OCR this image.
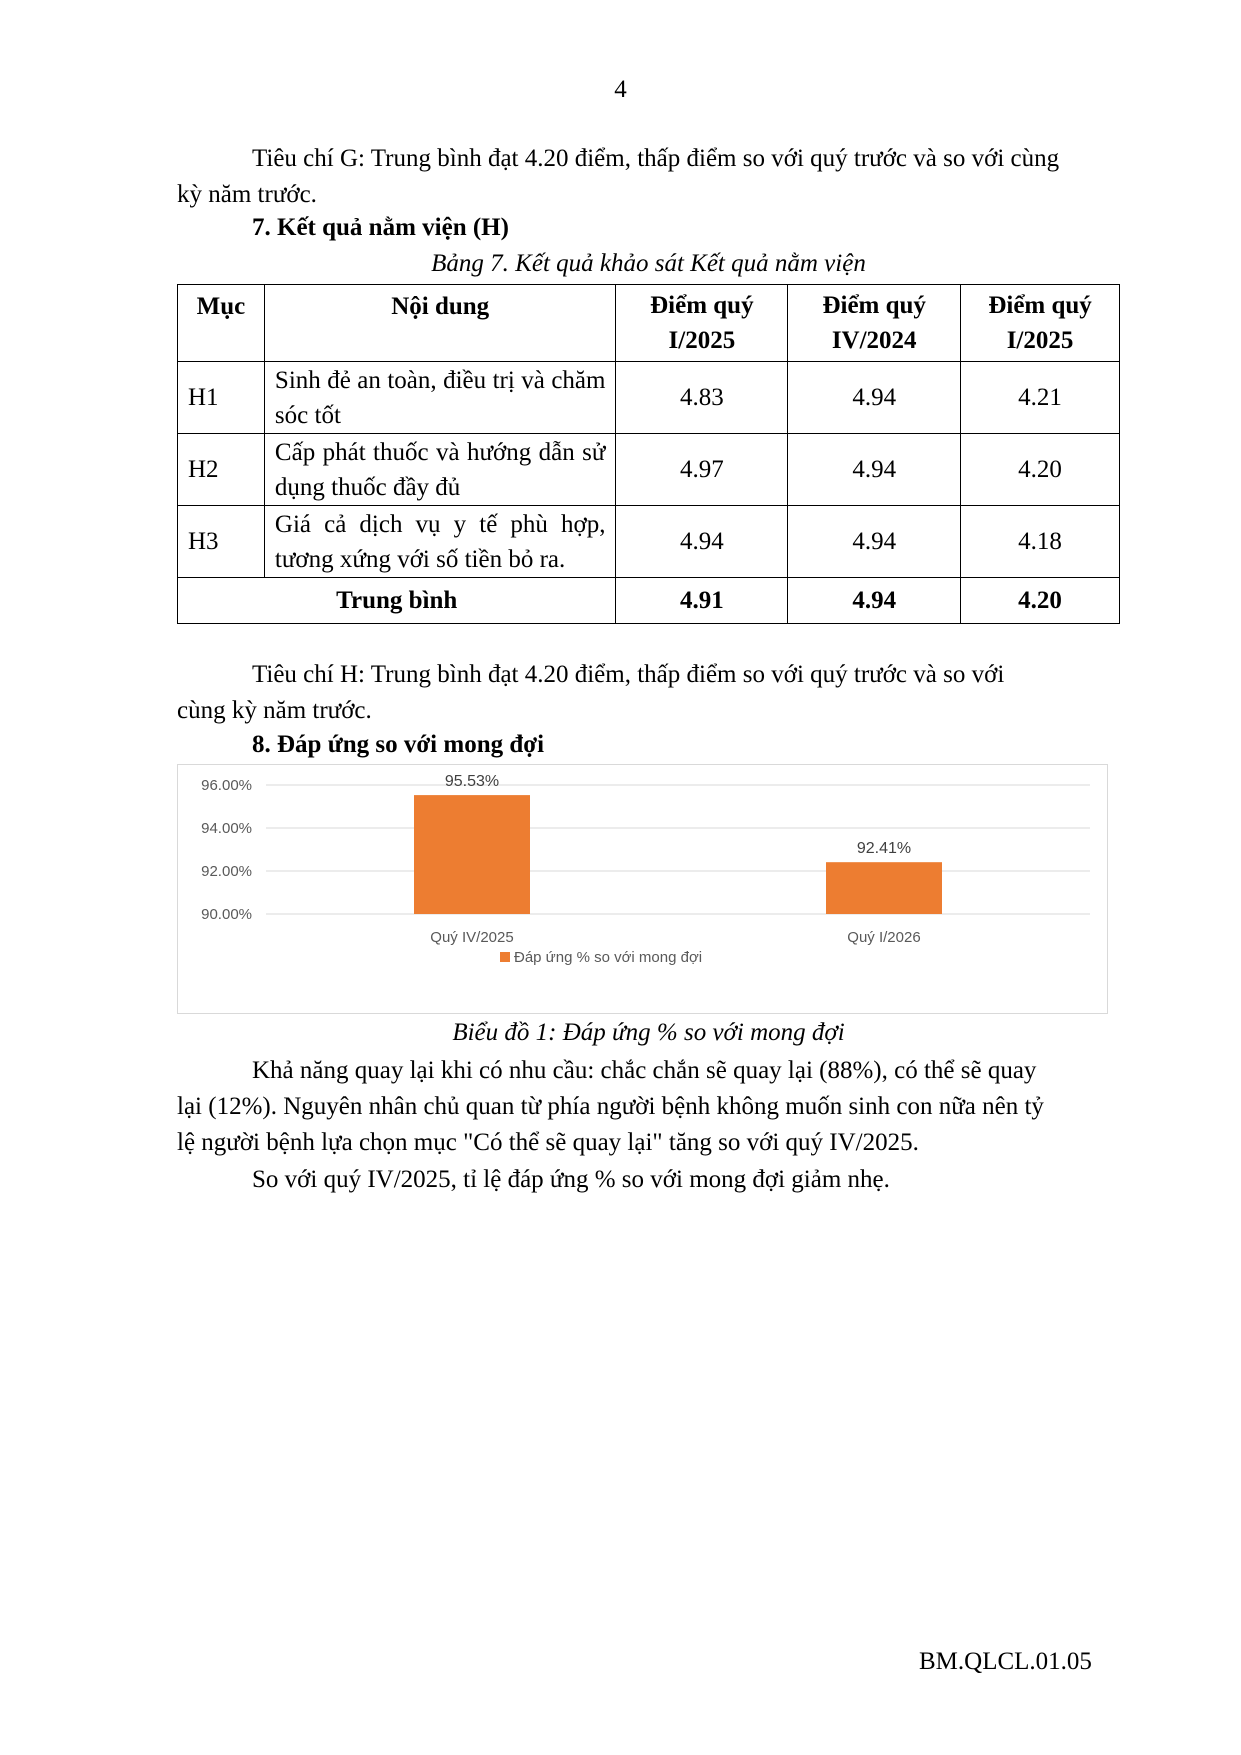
4
Tiêu chí G: Trung bình đạt 4.20 điểm, thấp điểm so với quý trước và so với cùng
kỳ năm trước.
7. Kết quả nằm viện (H)
Bảng 7. Kết quả khảo sát Kết quả nằm viện
Mục	Nội dung	Điểm quý I/2025	Điểm quý IV/2024	Điểm quý I/2025
H1	Sinh đẻ an toàn, điều trị và chăm sóc tốt	4.83	4.94	4.21
H2	Cấp phát thuốc và hướng dẫn sử dụng thuốc đầy đủ	4.97	4.94	4.20
H3	Giá cả dịch vụ y tế phù hợp, tương xứng với số tiền bỏ ra.	4.94	4.94	4.18
Trung bình		4.91	4.94	4.20
Tiêu chí H: Trung bình đạt 4.20 điểm, thấp điểm so với quý trước và so với
cùng kỳ năm trước.
8. Đáp ứng so với mong đợi
90.00%
92.00%
94.00%
96.00%	95.53%
Quý IV/2025
92.41%
Quý I/2026
Đáp ứng % so với mong đợi
Biểu đồ 1: Đáp ứng % so với mong đợi
Khả năng quay lại khi có nhu cầu: chắc chắn sẽ quay lại (88%), có thể sẽ quay
lại (12%). Nguyên nhân chủ quan từ phía người bệnh không muốn sinh con nữa nên tỷ
lệ người bệnh lựa chọn mục "Có thể sẽ quay lại" tăng so với quý IV/2025.
So với quý IV/2025, tỉ lệ đáp ứng % so với mong đợi giảm nhẹ.
BM.QLCL.01.05
